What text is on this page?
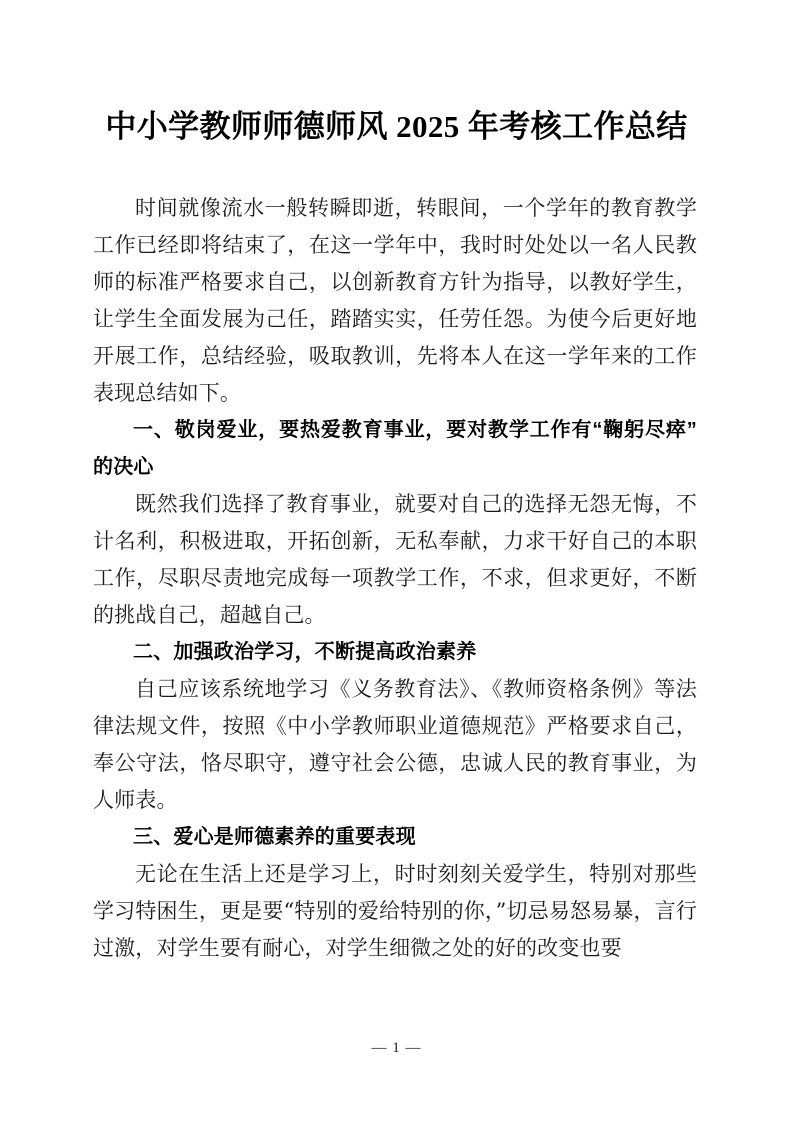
中小学教师师德师风 2025 年考核工作总结

时间就像流水一般转瞬即逝，转眼间，一个学年的教育教学工作已经即将结束了，在这一学年中，我时时处处以一名人民教师的标准严格要求自己，以创新教育方针为指导，以教好学生，让学生全面发展为己任，踏踏实实，任劳任怨。为使今后更好地开展工作，总结经验，吸取教训，先将本人在这一学年来的工作表现总结如下。

一、敬岗爱业，要热爱教育事业，要对教学工作有“鞠躬尽瘁”的决心

既然我们选择了教育事业，就要对自己的选择无怨无悔，不计名利，积极进取，开拓创新，无私奉献，力求干好自己的本职工作，尽职尽责地完成每一项教学工作，不求，但求更好，不断的挑战自己，超越自己。

二、加强政治学习，不断提高政治素养

自己应该系统地学习《义务教育法》、《教师资格条例》等法律法规文件，按照《中小学教师职业道德规范》严格要求自己，奉公守法，恪尽职守，遵守社会公德，忠诚人民的教育事业，为人师表。

三、爱心是师德素养的重要表现

无论在生活上还是学习上，时时刻刻关爱学生，特别对那些学习特困生，更是要“特别的爱给特别的你，”切忌易怒易暴，言行过激，对学生要有耐心，对学生细微之处的好的改变也要

— 1 —
